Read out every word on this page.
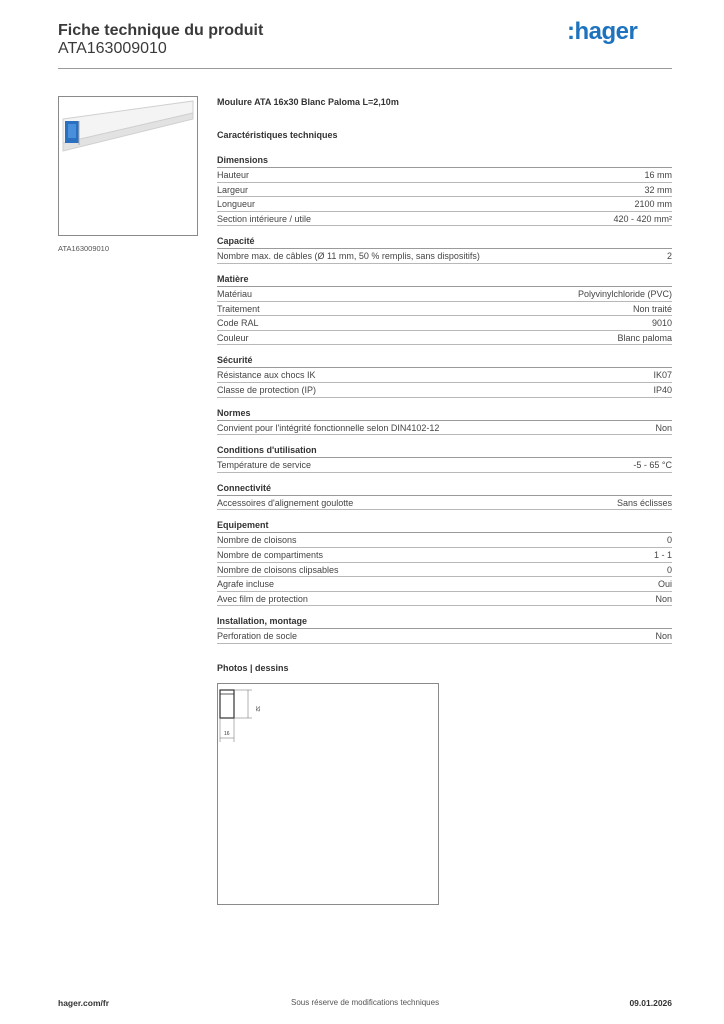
Fiche technique du produit
ATA163009010
:hager
ATA163009010
Moulure ATA 16x30 Blanc Paloma L=2,10m
Caractéristiques techniques
Dimensions
Hauteur	16 mm
Largeur	32 mm
Longueur	2100 mm
Section intérieure / utile	420 - 420 mm²
Capacité
Nombre max. de câbles (Ø 11 mm, 50 % remplis, sans dispositifs)	2
Matière
Matériau	Polyvinylchloride (PVC)
Traitement	Non traité
Code RAL	9010
Couleur	Blanc paloma
Sécurité
Résistance aux chocs IK	IK07
Classe de protection (IP)	IP40
Normes
Convient pour l'intégrité fonctionnelle selon DIN4102-12	Non
Conditions d'utilisation
Température de service	-5 - 65 °C
Connectivité
Accessoires d'alignement goulotte	Sans éclisses
Equipement
Nombre de cloisons	0
Nombre de compartiments	1 - 1
Nombre de cloisons clipsables	0
Agrafe incluse	Oui
Avec film de protection	Non
Installation, montage
Perforation de socle	Non
Photos | dessins
32
16
hager.com/fr	Sous réserve de modifications techniques	09.01.2026
